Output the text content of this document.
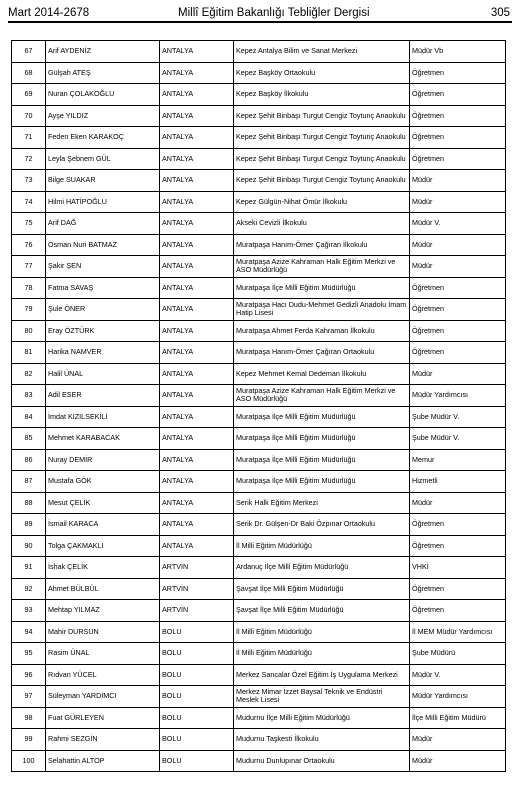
Mart 2014-2678	Millî Eğitim Bakanlığı Tebliğler Dergisi	305
67	Arif AYDENİZ	ANTALYA	Kepez Antalya Bilim ve Sanat Merkezi	Müdür Vb
68	Gülşah ATEŞ	ANTALYA	Kepez Başköy Ortaokulu	Öğretmen
69	Nuran ÇOLAKOĞLU	ANTALYA	Kepez Başköy İlkokulu	Öğretmen
70	Ayşe YILDIZ	ANTALYA	Kepez Şehit Binbaşı Turgut Cengiz Toytunç Anaokulu	Öğretmen
71	Feden Eken KARAKOÇ	ANTALYA	Kepez Şehit Binbaşı Turgut Cengiz Toytunç Anaokulu	Öğretmen
72	Leyla Şebnem GÜL	ANTALYA	Kepez Şehit Binbaşı Turgut Cengiz Toytunç Anaokulu	Öğretmen
73	Bilge SUAKAR	ANTALYA	Kepez Şehit Binbaşı Turgut Cengiz Toytunç Anaokulu	Müdür
74	Hilmi HATİPOĞLU	ANTALYA	Kepez Gülgün-Nihat Ömür İlkokulu	Müdür
75	Arif DAĞ	ANTALYA	Akseki Cevizli İlkokulu	Müdür V.
76	Osman Nuri BATMAZ	ANTALYA	Muratpaşa Hanım-Ömer Çağıran İlkokulu	Müdür
77	Şakir ŞEN	ANTALYA	Muratpaşa Azize Kahraman Halk Eğitim Merkzi ve ASO Müdürlüğü	Müdür
78	Fatma SAVAŞ	ANTALYA	Muratpaşa İlçe Milli Eğitim Müdürlüğü	Öğretmen
79	Şule ÖNER	ANTALYA	Muratpaşa Hacı Dudu-Mehmet Gedizli Anadolu İmam Hatip Lisesi	Öğretmen
80	Eray ÖZTÜRK	ANTALYA	Muratpaşa Ahmet Ferda Kahraman İlkokulu	Öğretmen
81	Harika NAMVER	ANTALYA	Muratpaşa Hanım-Ömer Çağıran Ortaokulu	Öğretmen
82	Halil ÜNAL	ANTALYA	Kepez Mehmet Kemal Dedeman İlkokulu	Müdür
83	Adil ESER	ANTALYA	Muratpaşa Azize Kahraman Halk Eğitim Merkzi ve ASO Müdürlüğü	Müdür Yardımcısı
84	İmdat KIZILSEKİLİ	ANTALYA	Muratpaşa İlçe Milli Eğitim Müdürlüğü	Şube Müdür V.
85	Mehmet KARABACAK	ANTALYA	Muratpaşa İlçe Milli Eğitim Müdürlüğü	Şube Müdür V.
86	Nuray DEMİR	ANTALYA	Muratpaşa İlçe Milli Eğitim Müdürlüğü	Memur
87	Mustafa GÖK	ANTALYA	Muratpaşa İlçe Milli Eğitim Müdürlüğü	Hizmetli
88	Mesut ÇELİK	ANTALYA	Serik Halk Eğitim Merkezi	Müdür
89	İsmail KARACA	ANTALYA	Serik Dr. Gülşen-Dr Baki Özpınar Ortaokulu	Öğretmen
90	Tolga ÇAKMAKLI	ANTALYA	İl Milli Eğitim Müdürlüğü	Öğretmen
91	İshak ÇELİK	ARTVİN	Ardanuç İlçe Milli Eğitim Müdürlüğü	VHKİ
92	Ahmet BÜLBÜL	ARTVİN	Şavşat İlçe Milli Eğitim Müdürlüğü	Öğretmen
93	Mehtap YILMAZ	ARTVİN	Şavşat İlçe Milli Eğitim Müdürlüğü	Öğretmen
94	Mahir DURSUN	BOLU	İl Milli Eğitim Müdürlüğü	İl MEM Müdür Yardımcısı
95	Rasim ÜNAL	BOLU	İl Milli Eğitim Müdürlüğü	Şube Müdürü
96	Rıdvan YÜCEL	BOLU	Merkez Sancalar Özel Eğitim İş Uygulama Merkezi	Müdür V.
97	Süleyman YARDIMCI	BOLU	Merkez Mimar İzzet Baysal Teknik ve Endüstri Meslek Lisesi	Müdür Yardımcısı
98	Fuat GÜRLEYEN	BOLU	Mudurnu İlçe Milli Eğitim Müdürlüğü	İlçe Milli Eğitim Müdürü
99	Rahmi SEZGİN	BOLU	Mudurnu Taşkesti İlkokulu	Müdür
100	Selahattin ALTOP	BOLU	Mudurnu Dunlupınar Ortaokulu	Müdür
